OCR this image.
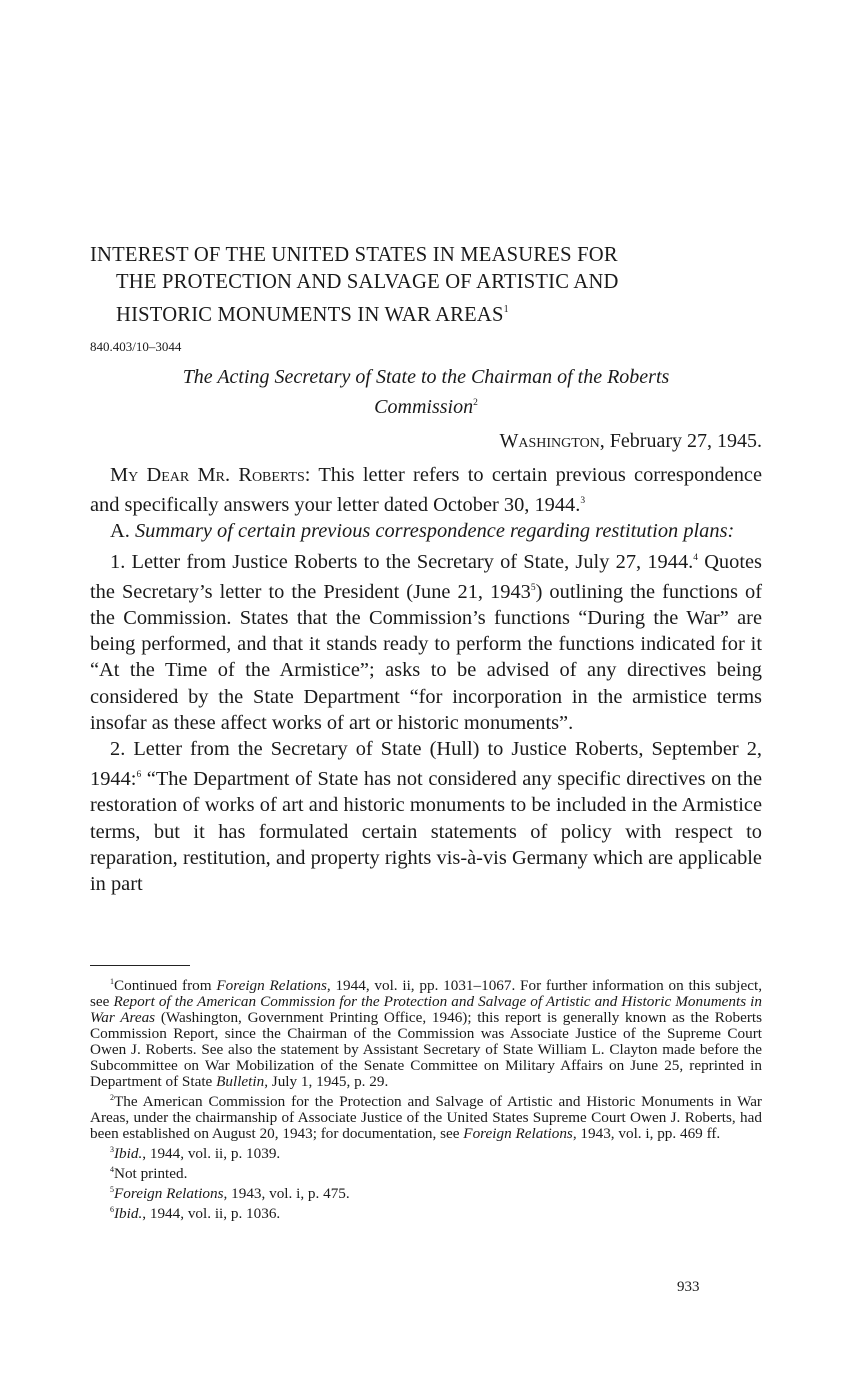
INTEREST OF THE UNITED STATES IN MEASURES FOR
THE PROTECTION AND SALVAGE OF ARTISTIC AND
HISTORIC MONUMENTS IN WAR AREAS$^1$
840.403/10–3044
The Acting Secretary of State to the Chairman of the Roberts
Commission$^2$
Washington, February 27, 1945.

My Dear Mr. Roberts: This letter refers to certain previous correspondence and specifically answers your letter dated October 30, 1944.$^3$

A. Summary of certain previous correspondence regarding restitution plans:

1. Letter from Justice Roberts to the Secretary of State, July 27, 1944.$^4$ Quotes the Secretary’s letter to the President (June 21, 1943$^5$) outlining the functions of the Commission. States that the Commission’s functions “During the War” are being performed, and that it stands ready to perform the functions indicated for it “At the Time of the Armistice”; asks to be advised of any directives being considered by the State Department “for incorporation in the armistice terms insofar as these affect works of art or historic monuments”.

2. Letter from the Secretary of State (Hull) to Justice Roberts, September 2, 1944:$^6$ “The Department of State has not considered any specific directives on the restoration of works of art and historic monuments to be included in the Armistice terms, but it has formulated certain statements of policy with respect to reparation, restitution, and property rights vis-à-vis Germany which are applicable in part

$^1$Continued from Foreign Relations, 1944, vol. ii, pp. 1031–1067. For further information on this subject, see Report of the American Commission for the Protection and Salvage of Artistic and Historic Monuments in War Areas (Washington, Government Printing Office, 1946); this report is generally known as the Roberts Commission Report, since the Chairman of the Commission was Associate Justice of the Supreme Court Owen J. Roberts. See also the statement by Assistant Secretary of State William L. Clayton made before the Subcommittee on War Mobilization of the Senate Committee on Military Affairs on June 25, reprinted in Department of State Bulletin, July 1, 1945, p. 29.

$^2$The American Commission for the Protection and Salvage of Artistic and Historic Monuments in War Areas, under the chairmanship of Associate Justice of the United States Supreme Court Owen J. Roberts, had been established on August 20, 1943; for documentation, see Foreign Relations, 1943, vol. i, pp. 469 ff.

$^3$Ibid., 1944, vol. ii, p. 1039.

$^4$Not printed.

$^5$Foreign Relations, 1943, vol. i, p. 475.

$^6$Ibid., 1944, vol. ii, p. 1036.

933
